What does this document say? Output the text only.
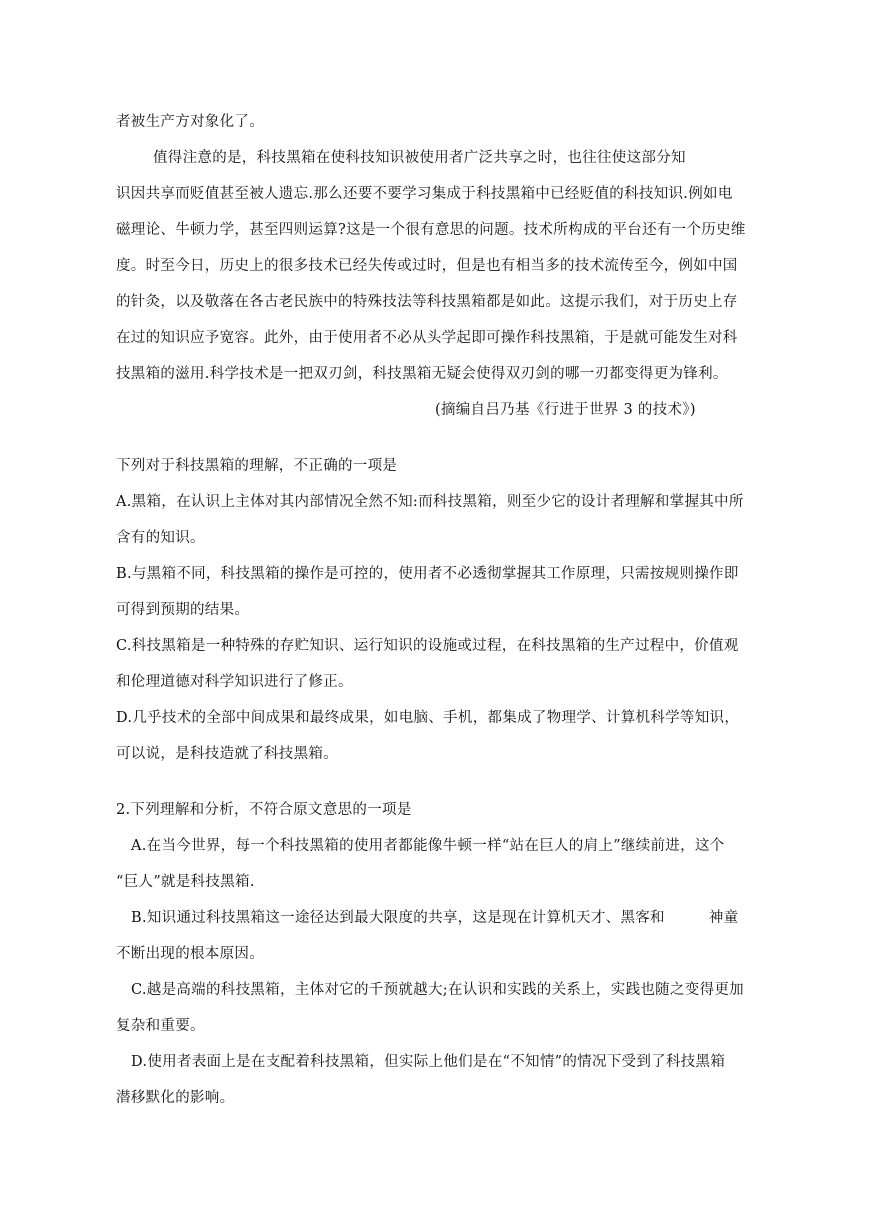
者被生产方对象化了。

值得注意的是，科技黑箱在使科技知识被使用者广泛共享之时，也往往使这部分知

识因共享而贬值甚至被人遗忘.那么还要不要学习集成于科技黑箱中已经贬值的科技知识.例如电

磁理论、牛顿力学，甚至四则运算?这是一个很有意思的问题。技术所构成的平台还有一个历史维

度。时至今日，历史上的很多技术已经失传或过时，但是也有相当多的技术流传至今，例如中国

的针灸，以及敬落在各古老民族中的特殊技法等科技黑箱都是如此。这提示我们，对于历史上存

在过的知识应予宽容。此外，由于使用者不必从头学起即可操作科技黑箱，于是就可能发生对科

技黑箱的滋用.科学技术是一把双刃剑，科技黑箱无疑会使得双刃剑的哪一刃都变得更为锋利。

(摘编自吕乃基《行进于世界 3 的技术》)

下列对于科技黑箱的理解，不正确的一项是

A.黑箱，在认识上主体对其内部情况全然不知:而科技黑箱，则至少它的设计者理解和掌握其中所

含有的知识。

B.与黑箱不同，科技黑箱的操作是可控的，使用者不必透彻掌握其工作原理，只需按规则操作即

可得到预期的结果。

C.科技黑箱是一种特殊的存贮知识、运行知识的设施或过程，在科技黑箱的生产过程中，价值观

和伦理道德对科学知识进行了修正。

D.几乎技术的全部中间成果和最终成果，如电脑、手机，都集成了物理学、计算机科学等知识，

可以说，是科技造就了科技黑箱。

2.下列理解和分析，不符合原文意思的一项是

A.在当今世界，每一个科技黑箱的使用者都能像牛顿一样“站在巨人的肩上”继续前进，这个

“巨人”就是科技黑箱.

B.知识通过科技黑箱这一途径达到最大限度的共享，这是现在计算机天才、黑客和	神童

不断出现的根本原因。

C.越是高端的科技黑箱，主体对它的千预就越大;在认识和实践的关系上，实践也随之变得更加

复杂和重要。

D.使用者表面上是在支配着科技黑箱，但实际上他们是在“不知情”的情况下受到了科技黑箱

潜移默化的影响。
